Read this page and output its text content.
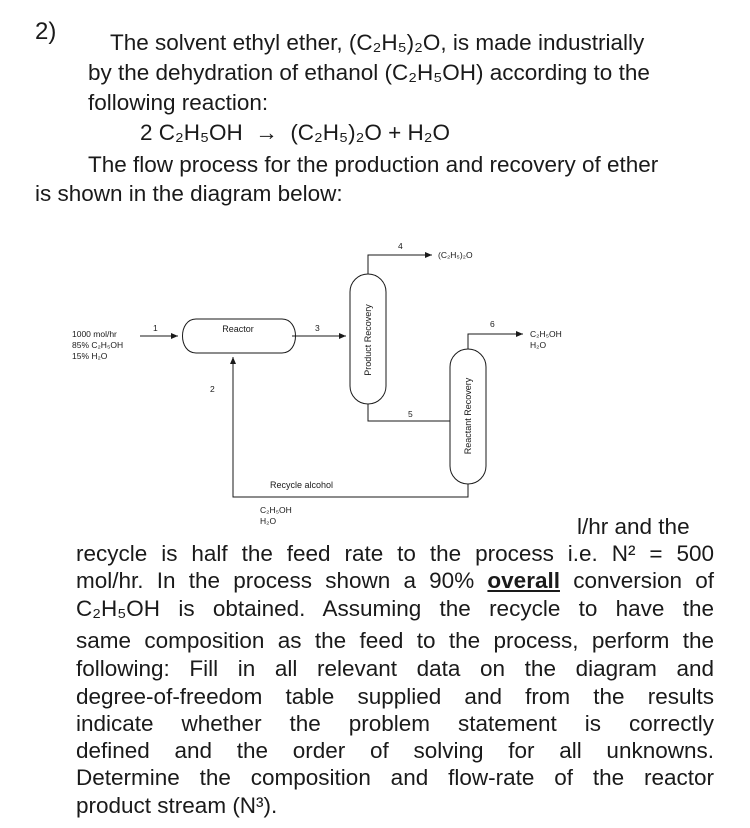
2) The solvent ethyl ether, (C₂H₅)₂O, is made industrially
by the dehydration of ethanol (C₂H₅OH) according to the
following reaction:
2 C₂H₅OH  →  (C₂H₅)₂O + H₂O
The flow process for the production and recovery of ether
is shown in the diagram below:
1000 mol/hr
85% C₂H₅OH
15% H₂O
1
2
3
4
5
6
Reactor	Product Recovery
Reactant Recovery
(C₂H₅)₂O
C₂H₅OH
H₂O
Recycle alcohol
C₂H₅OH
H₂O	l/hr and the
recycle is half the feed rate to the process i.e. N² = 500
mol/hr. In the process shown a 90% overall conversion of
C₂H₅OH is obtained. Assuming the recycle to have the
same composition as the feed to the process, perform the
following: Fill in all relevant data on the diagram and
degree-of-freedom table supplied and from the results
indicate whether the problem statement is correctly
defined and the order of solving for all unknowns.
Determine the composition and flow-rate of the reactor
product stream (N³).
